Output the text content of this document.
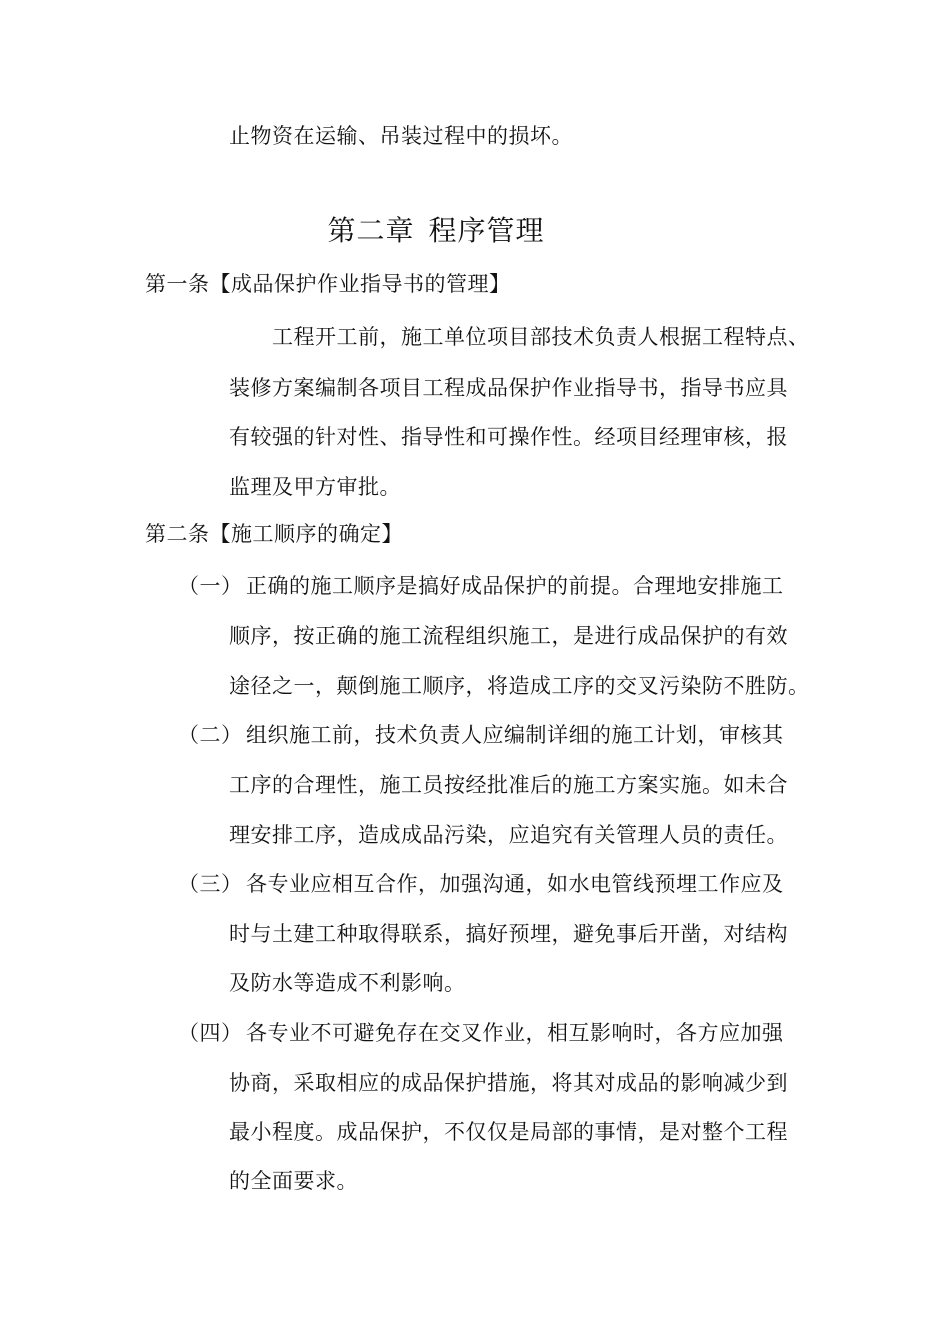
止物资在运输、吊装过程中的损坏。
第二章 程序管理
第一条【成品保护作业指导书的管理】
工程开工前，施工单位项目部技术负责人根据工程特点、
装修方案编制各项目工程成品保护作业指导书，指导书应具
有较强的针对性、指导性和可操作性。经项目经理审核，报
监理及甲方审批。
第二条【施工顺序的确定】
（一） 正确的施工顺序是搞好成品保护的前提。合理地安排施工
顺序，按正确的施工流程组织施工，是进行成品保护的有效
途径之一，颠倒施工顺序，将造成工序的交叉污染防不胜防。
（二） 组织施工前，技术负责人应编制详细的施工计划，审核其
工序的合理性，施工员按经批准后的施工方案实施。如未合
理安排工序，造成成品污染，应追究有关管理人员的责任。
（三） 各专业应相互合作，加强沟通，如水电管线预埋工作应及
时与土建工种取得联系，搞好预埋，避免事后开凿，对结构
及防水等造成不利影响。
（四） 各专业不可避免存在交叉作业，相互影响时，各方应加强
协商，采取相应的成品保护措施，将其对成品的影响减少到
最小程度。成品保护，不仅仅是局部的事情，是对整个工程
的全面要求。
